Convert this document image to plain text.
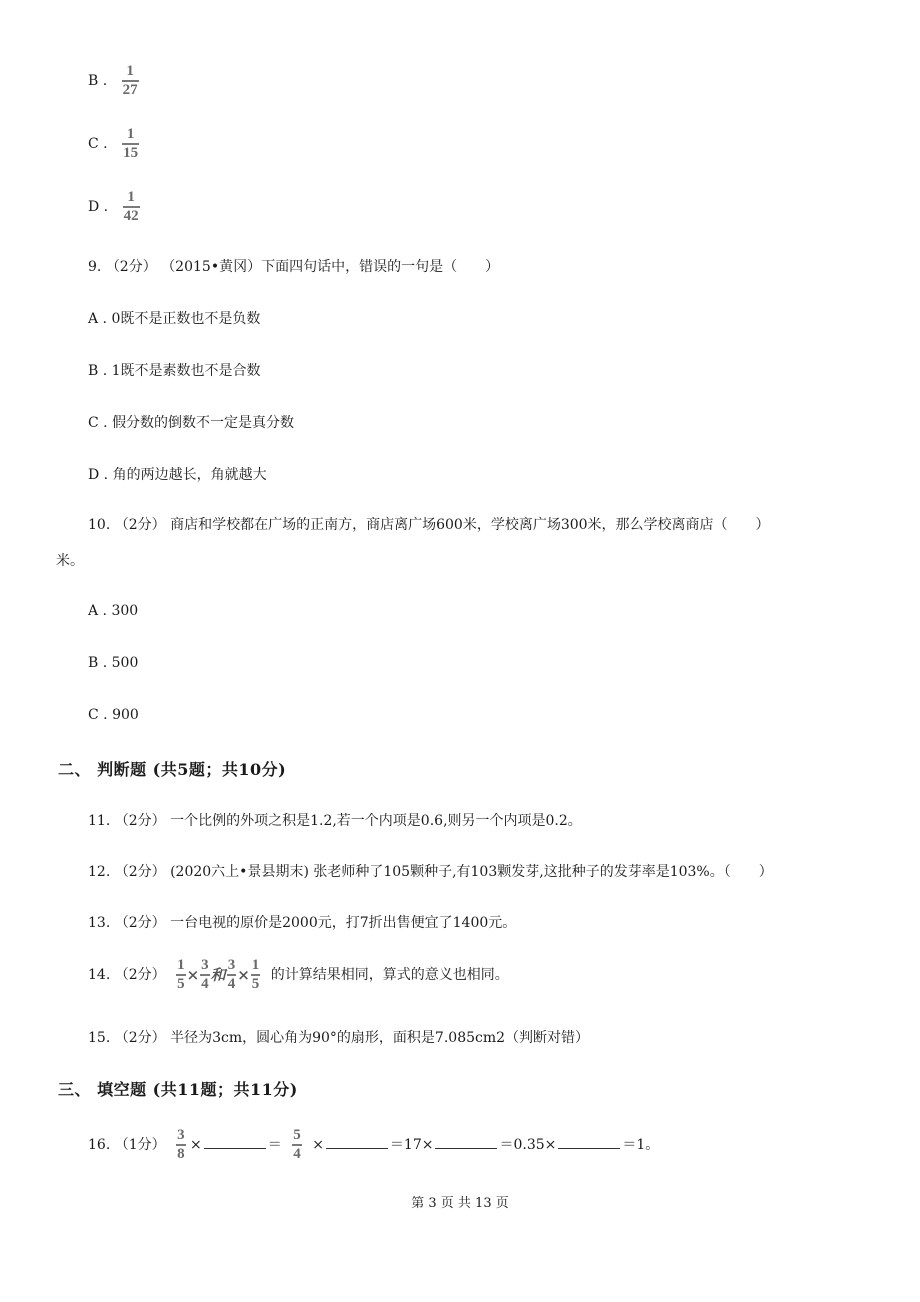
B . $\frac{1}{27}$
C . $\frac{1}{15}$
D . $\frac{1}{42}$
9. （2分） （2015•黄冈）下面四句话中，错误的一句是（　　）
A . 0既不是正数也不是负数
B . 1既不是素数也不是合数
C . 假分数的倒数不一定是真分数
D . 角的两边越长，角就越大
10. （2分） 商店和学校都在广场的正南方，商店离广场600米，学校离广场300米，那么学校离商店（　　）
米。
A . 300
B . 500
C . 900
二、 判断题 (共5题；共10分)
11. （2分） 一个比例的外项之积是1.2,若一个内项是0.6,则另一个内项是0.2。
12. （2分） (2020六上•景县期末) 张老师种了105颗种子,有103颗发芽,这批种子的发芽率是103%。（　　）
13. （2分） 一台电视的原价是2000元，打7折出售便宜了1400元。
14. （2分） $\frac{1}{5} \times \frac{3}{4}$ 和 $\frac{3}{4} \times \frac{1}{5}$ 的计算结果相同，算式的意义也相同。
15. （2分） 半径为3cm，圆心角为90°的扇形，面积是7.085cm2（判断对错）
三、 填空题 (共11题；共11分)
16. （1分） $\frac{3}{8}$ ×	＝ $\frac{5}{4}$ ×	＝17×	＝0.35×	＝1。
第 3 页 共 13 页
